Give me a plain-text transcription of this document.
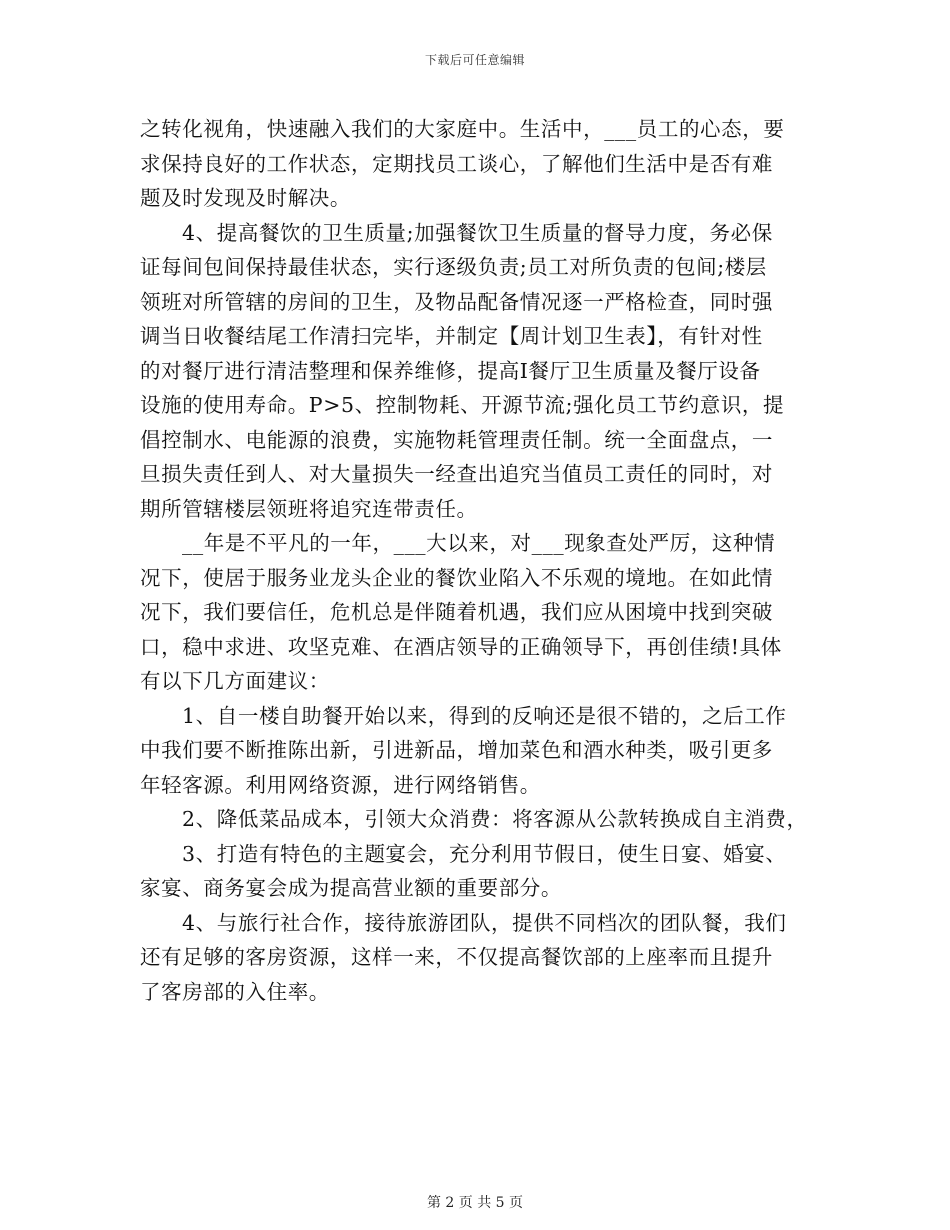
下载后可任意编辑
之转化视角，快速融入我们的大家庭中。生活中，___员工的心态，要
求保持良好的工作状态，定期找员工谈心，了解他们生活中是否有难
题及时发现及时解决。
4、提高餐饮的卫生质量;加强餐饮卫生质量的督导力度，务必保
证每间包间保持最佳状态，实行逐级负责;员工对所负责的包间;楼层
领班对所管辖的房间的卫生，及物品配备情况逐一严格检查，同时强
调当日收餐结尾工作清扫完毕，并制定【周计划卫生表】，有针对性
的对餐厅进行清洁整理和保养维修，提高Ⅰ餐厅卫生质量及餐厅设备
设施的使用寿命。P>5、控制物耗、开源节流;强化员工节约意识，提
倡控制水、电能源的浪费，实施物耗管理责任制。统一全面盘点，一
旦损失责任到人、对大量损失一经查出追究当值员工责任的同时，对
期所管辖楼层领班将追究连带责任。
__年是不平凡的一年，___大以来，对___现象查处严厉，这种情
况下，使居于服务业龙头企业的餐饮业陷入不乐观的境地。在如此情
况下，我们要信任，危机总是伴随着机遇，我们应从困境中找到突破
口，稳中求进、攻坚克难、在酒店领导的正确领导下，再创佳绩!具体
有以下几方面建议：
1、自一楼自助餐开始以来，得到的反响还是很不错的，之后工作
中我们要不断推陈出新，引进新品，增加菜色和酒水种类，吸引更多
年轻客源。利用网络资源，进行网络销售。
2、降低菜品成本，引领大众消费：将客源从公款转换成自主消费，
3、打造有特色的主题宴会，充分利用节假日，使生日宴、婚宴、
家宴、商务宴会成为提高营业额的重要部分。
4、与旅行社合作，接待旅游团队，提供不同档次的团队餐，我们
还有足够的客房资源，这样一来，不仅提高餐饮部的上座率而且提升
了客房部的入住率。
第 2 页 共 5 页
